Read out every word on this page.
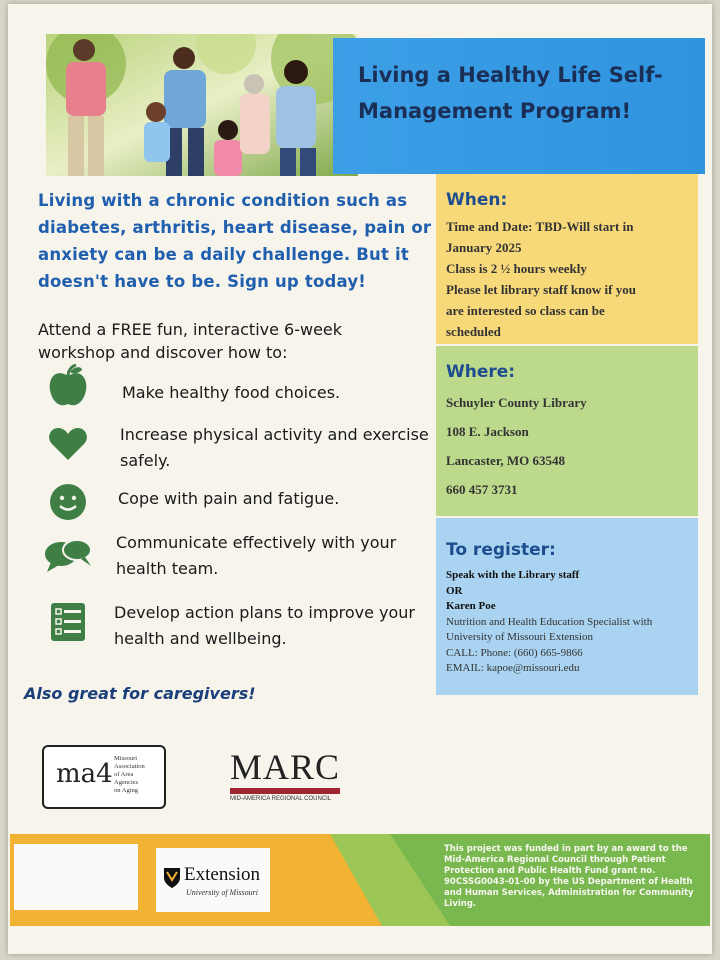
Living a Healthy Life Self-Management Program!
Living with a chronic condition such as diabetes, arthritis, heart disease, pain or anxiety can be a daily challenge. But it doesn't have to be. Sign up today!
Attend a FREE fun, interactive 6-week workshop and discover how to:
Make healthy food choices.
Increase physical activity and exercise safely.
Cope with pain and fatigue.
Communicate effectively with your health team.
Develop action plans to improve your health and wellbeing.
Also great for caregivers!
When:
Time and Date: TBD-Will start in
January 2025
Class is 2 ½ hours weekly
Please let library staff know if you
are interested so class can be
scheduled
Where:
Schuyler County Library
108 E. Jackson
Lancaster, MO 63548
660 457 3731
To register:
Speak with the Library staff
OR
Karen Poe
Nutrition and Health Education Specialist with
University of Missouri Extension
CALL: Phone: (660) 665-9866
EMAIL: kapoe@missouri.edu
ma4
Missouri
Association
of Area
Agencies
on Aging
MARC
MID-AMERICA REGIONAL COUNCIL
Extension
University of Missouri
This project was funded in part by an award to the Mid-America Regional Council through Patient Protection and Public Health Fund grant no. 90CSSG0043-01-00 by the US Department of Health and Human Services, Administration for Community Living.
